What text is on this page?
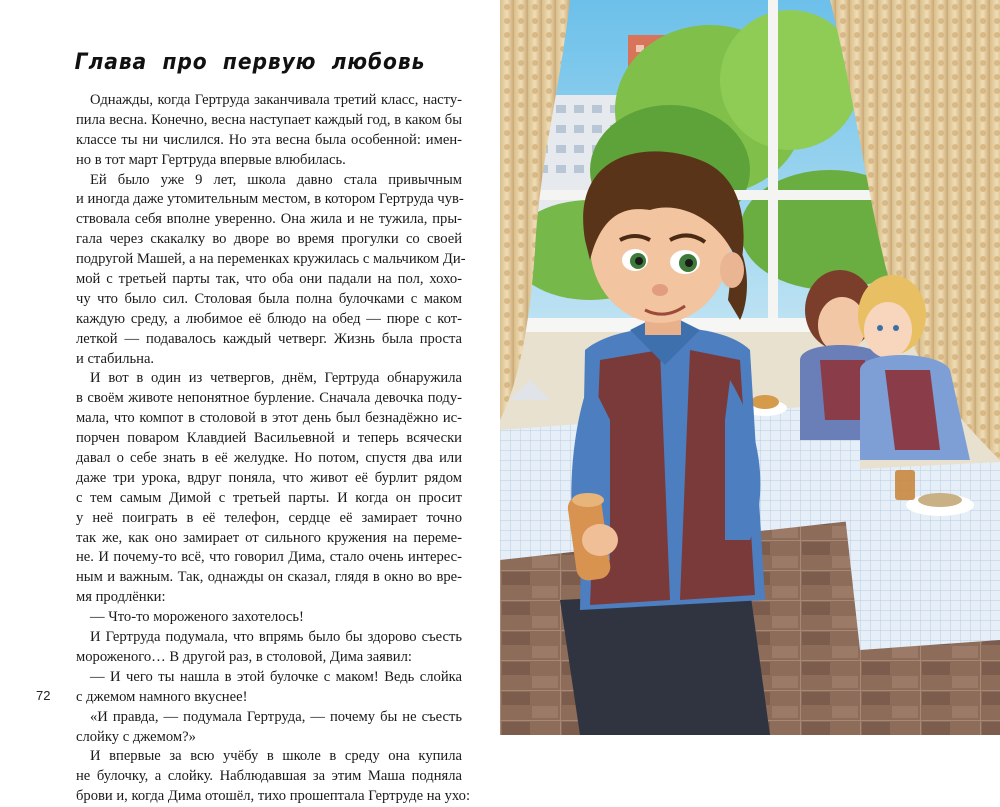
Глава про первую любовь
Однажды, когда Гертруда заканчивала третий класс, насту-
пила весна. Конечно, весна наступает каждый год, в каком бы
классе ты ни числился. Но эта весна была особенной: имен-
но в тот март Гертруда впервые влюбилась.
Ей было уже 9 лет, школа давно стала привычным
и иногда даже утомительным местом, в котором Гертруда чув-
ствовала себя вполне уверенно. Она жила и не тужила, пры-
гала через скакалку во дворе во время прогулки со своей
подругой Машей, а на переменках кружилась с мальчиком Ди-
мой с третьей парты так, что оба они падали на пол, хохо-
чу что было сил. Столовая была полна булочками с маком
каждую среду, а любимое её блюдо на обед — пюре с кот-
леткой — подавалось каждый четверг. Жизнь была проста
и стабильна.
И вот в один из четвергов, днём, Гертруда обнаружила
в своём животе непонятное бурление. Сначала девочка поду-
мала, что компот в столовой в этот день был безнадёжно ис-
порчен поваром Клавдией Васильевной и теперь всячески
давал о себе знать в её желудке. Но потом, спустя два или
даже три урока, вдруг поняла, что живот её бурлит рядом
с тем самым Димой с третьей парты. И когда он просит
у неё поиграть в её телефон, сердце её замирает точно
так же, как оно замирает от сильного кружения на переме-
не. И почему-то всё, что говорил Дима, стало очень интерес-
ным и важным. Так, однажды он сказал, глядя в окно во вре-
мя продлёнки:
— Что-то мороженого захотелось!
И Гертруда подумала, что впрямь было бы здорово съесть
мороженого… В другой раз, в столовой, Дима заявил:
— И чего ты нашла в этой булочке с маком! Ведь слойка
с джемом намного вкуснее!
«И правда, — подумала Гертруда, — почему бы не съесть
слойку с джемом?»
И впервые за всю учёбу в школе в среду она купила
не булочку, а слойку. Наблюдавшая за этим Маша подняла
брови и, когда Дима отошёл, тихо прошептала Гертруде на ухо:
72
